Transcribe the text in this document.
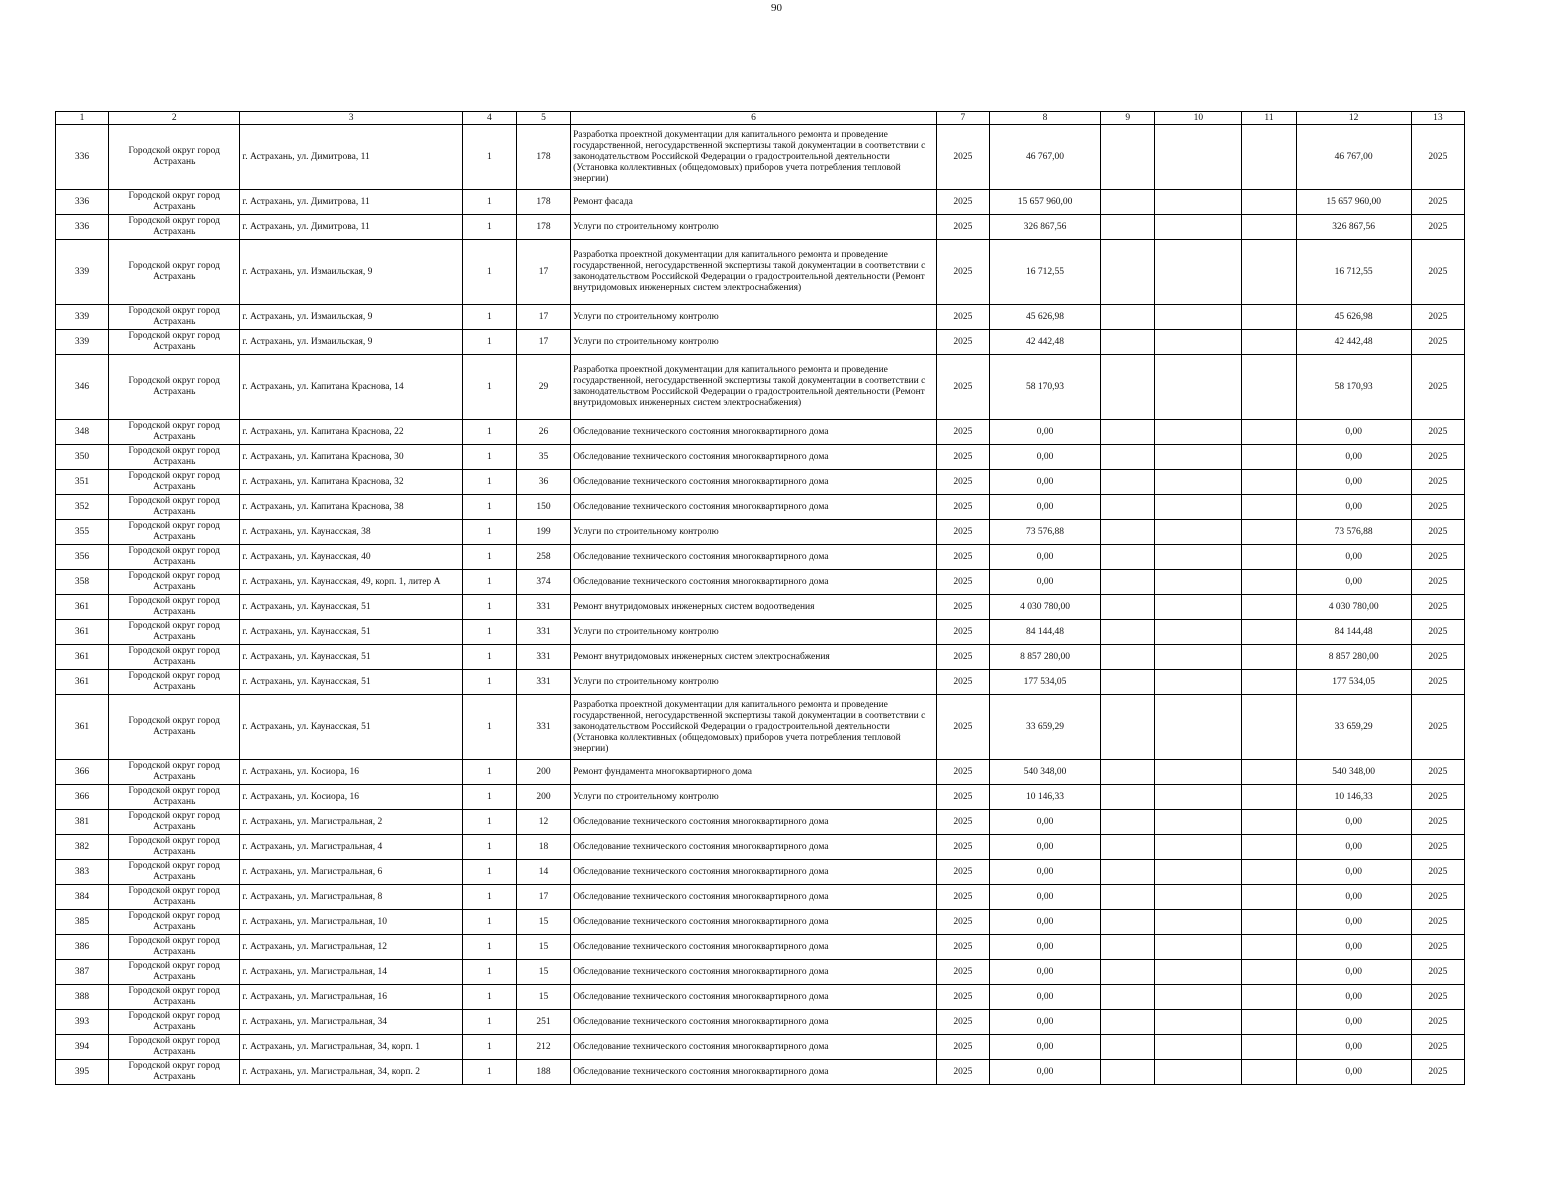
90
1	2	3	4	5	6	7	8	9	10	11	12	13
336	Городской округ город Астрахань	г. Астрахань, ул. Димитрова, 11	1	178	Разработка проектной документации для капитального ремонта и проведение государственной, негосударственной экспертизы такой документации в соответствии с законодательством Российской Федерации о градостроительной деятельности (Установка коллективных (общедомовых) приборов учета потребления тепловой энергии)	2025	46 767,00				46 767,00	2025
336	Городской округ город Астрахань	г. Астрахань, ул. Димитрова, 11	1	178	Ремонт фасада	2025	15 657 960,00				15 657 960,00	2025
336	Городской округ город Астрахань	г. Астрахань, ул. Димитрова, 11	1	178	Услуги по строительному контролю	2025	326 867,56				326 867,56	2025
339	Городской округ город Астрахань	г. Астрахань, ул. Измаильская, 9	1	17	Разработка проектной документации для капитального ремонта и проведение государственной, негосударственной экспертизы такой документации в соответствии с законодательством Российской Федерации о градостроительной деятельности (Ремонт внутридомовых инженерных систем электроснабжения)	2025	16 712,55				16 712,55	2025
339	Городской округ город Астрахань	г. Астрахань, ул. Измаильская, 9	1	17	Услуги по строительному контролю	2025	45 626,98				45 626,98	2025
339	Городской округ город Астрахань	г. Астрахань, ул. Измаильская, 9	1	17	Услуги по строительному контролю	2025	42 442,48				42 442,48	2025
346	Городской округ город Астрахань	г. Астрахань, ул. Капитана Краснова, 14	1	29	Разработка проектной документации для капитального ремонта и проведение государственной, негосударственной экспертизы такой документации в соответствии с законодательством Российской Федерации о градостроительной деятельности (Ремонт внутридомовых инженерных систем электроснабжения)	2025	58 170,93				58 170,93	2025
348	Городской округ город Астрахань	г. Астрахань, ул. Капитана Краснова, 22	1	26	Обследование технического состояния многоквартирного дома	2025	0,00				0,00	2025
350	Городской округ город Астрахань	г. Астрахань, ул. Капитана Краснова, 30	1	35	Обследование технического состояния многоквартирного дома	2025	0,00				0,00	2025
351	Городской округ город Астрахань	г. Астрахань, ул. Капитана Краснова, 32	1	36	Обследование технического состояния многоквартирного дома	2025	0,00				0,00	2025
352	Городской округ город Астрахань	г. Астрахань, ул. Капитана Краснова, 38	1	150	Обследование технического состояния многоквартирного дома	2025	0,00				0,00	2025
355	Городской округ город Астрахань	г. Астрахань, ул. Каунасская, 38	1	199	Услуги по строительному контролю	2025	73 576,88				73 576,88	2025
356	Городской округ город Астрахань	г. Астрахань, ул. Каунасская, 40	1	258	Обследование технического состояния многоквартирного дома	2025	0,00				0,00	2025
358	Городской округ город Астрахань	г. Астрахань, ул. Каунасская, 49, корп. 1, литер А	1	374	Обследование технического состояния многоквартирного дома	2025	0,00				0,00	2025
361	Городской округ город Астрахань	г. Астрахань, ул. Каунасская, 51	1	331	Ремонт внутридомовых инженерных систем водоотведения	2025	4 030 780,00				4 030 780,00	2025
361	Городской округ город Астрахань	г. Астрахань, ул. Каунасская, 51	1	331	Услуги по строительному контролю	2025	84 144,48				84 144,48	2025
361	Городской округ город Астрахань	г. Астрахань, ул. Каунасская, 51	1	331	Ремонт внутридомовых инженерных систем электроснабжения	2025	8 857 280,00				8 857 280,00	2025
361	Городской округ город Астрахань	г. Астрахань, ул. Каунасская, 51	1	331	Услуги по строительному контролю	2025	177 534,05				177 534,05	2025
361	Городской округ город Астрахань	г. Астрахань, ул. Каунасская, 51	1	331	Разработка проектной документации для капитального ремонта и проведение государственной, негосударственной экспертизы такой документации в соответствии с законодательством Российской Федерации о градостроительной деятельности (Установка коллективных (общедомовых) приборов учета потребления тепловой энергии)	2025	33 659,29				33 659,29	2025
366	Городской округ город Астрахань	г. Астрахань, ул. Косиора, 16	1	200	Ремонт фундамента многоквартирного дома	2025	540 348,00				540 348,00	2025
366	Городской округ город Астрахань	г. Астрахань, ул. Косиора, 16	1	200	Услуги по строительному контролю	2025	10 146,33				10 146,33	2025
381	Городской округ город Астрахань	г. Астрахань, ул. Магистральная, 2	1	12	Обследование технического состояния многоквартирного дома	2025	0,00				0,00	2025
382	Городской округ город Астрахань	г. Астрахань, ул. Магистральная, 4	1	18	Обследование технического состояния многоквартирного дома	2025	0,00				0,00	2025
383	Городской округ город Астрахань	г. Астрахань, ул. Магистральная, 6	1	14	Обследование технического состояния многоквартирного дома	2025	0,00				0,00	2025
384	Городской округ город Астрахань	г. Астрахань, ул. Магистральная, 8	1	17	Обследование технического состояния многоквартирного дома	2025	0,00				0,00	2025
385	Городской округ город Астрахань	г. Астрахань, ул. Магистральная, 10	1	15	Обследование технического состояния многоквартирного дома	2025	0,00				0,00	2025
386	Городской округ город Астрахань	г. Астрахань, ул. Магистральная, 12	1	15	Обследование технического состояния многоквартирного дома	2025	0,00				0,00	2025
387	Городской округ город Астрахань	г. Астрахань, ул. Магистральная, 14	1	15	Обследование технического состояния многоквартирного дома	2025	0,00				0,00	2025
388	Городской округ город Астрахань	г. Астрахань, ул. Магистральная, 16	1	15	Обследование технического состояния многоквартирного дома	2025	0,00				0,00	2025
393	Городской округ город Астрахань	г. Астрахань, ул. Магистральная, 34	1	251	Обследование технического состояния многоквартирного дома	2025	0,00				0,00	2025
394	Городской округ город Астрахань	г. Астрахань, ул. Магистральная, 34, корп. 1	1	212	Обследование технического состояния многоквартирного дома	2025	0,00				0,00	2025
395	Городской округ город Астрахань	г. Астрахань, ул. Магистральная, 34, корп. 2	1	188	Обследование технического состояния многоквартирного дома	2025	0,00				0,00	2025
